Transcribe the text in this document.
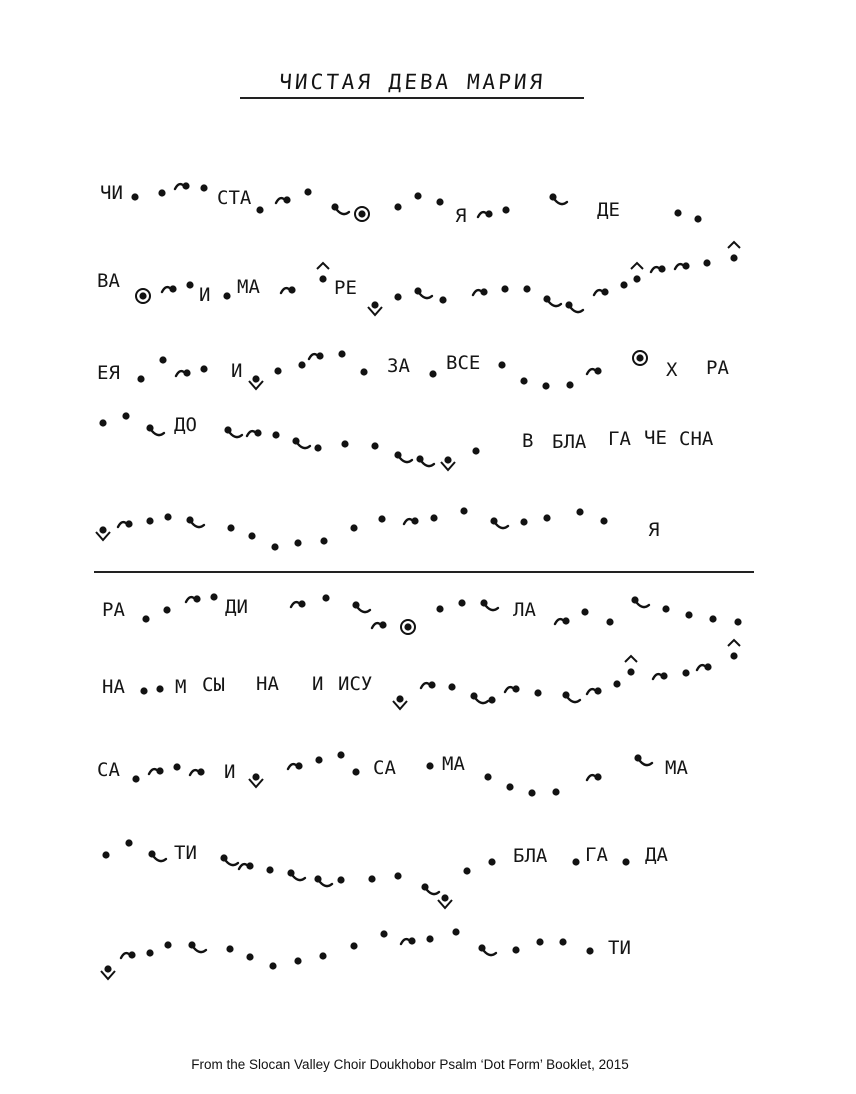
ЧИСТАЯ ДЕВА МАРИЯ
ЧИ	СТА
Я	ДЕ
ВА
И МА	РЕ
ЕЯ	И	ЗА ВСЕ	Х РА
ДО
В БЛА ГА ЧЕ СНА
Я
РА	ДИ	ЛА
НА	М СЫ НА И ИСУ
СА	И	СА МА	МА
ТИ	БЛА ГА ДА
ТИ
From the Slocan Valley Choir Doukhobor Psalm ‘Dot Form’ Booklet, 2015
